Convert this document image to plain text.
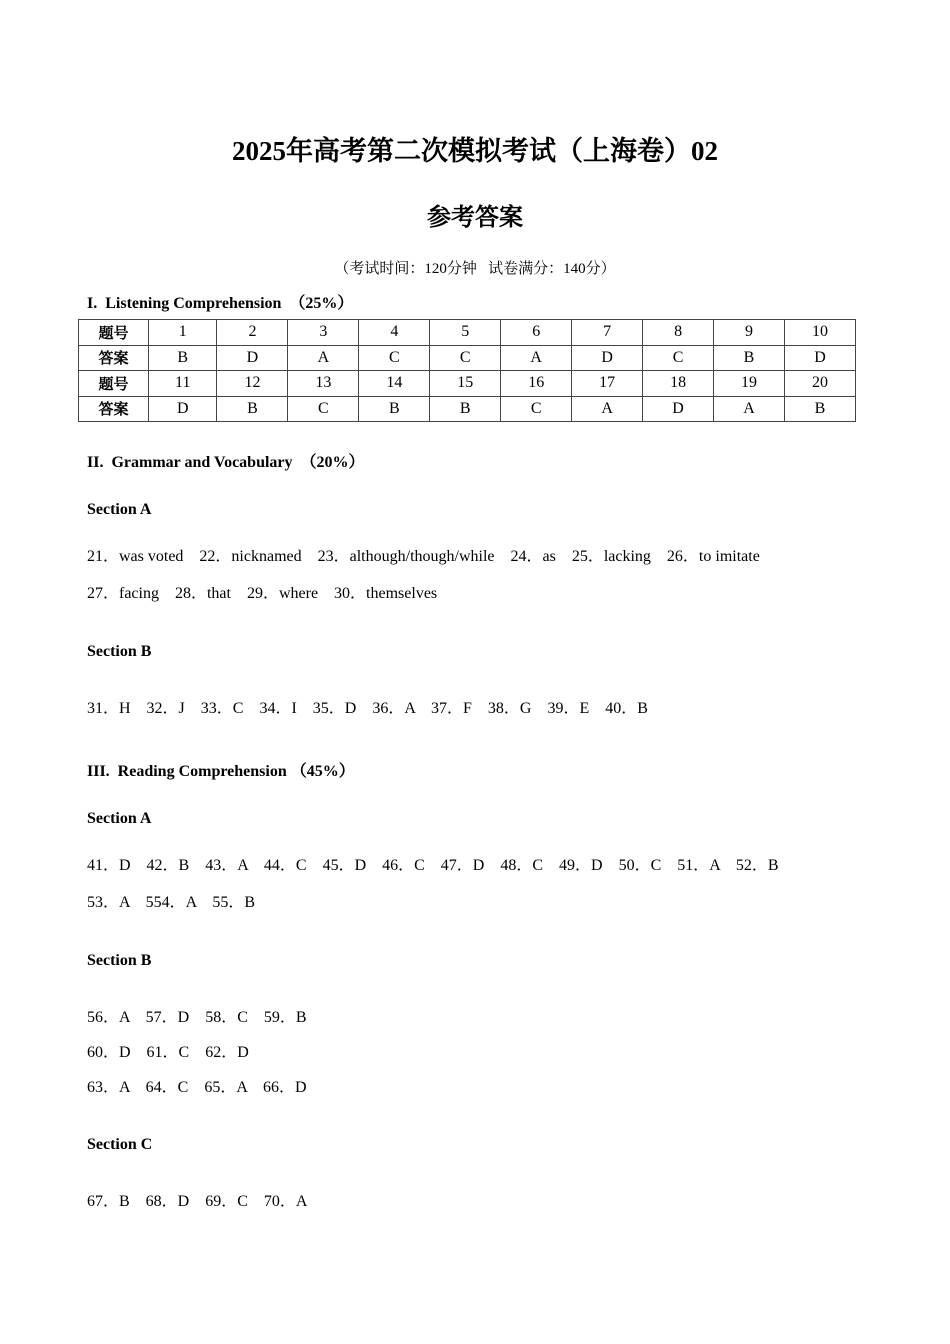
2025年高考第二次模拟考试（上海卷）02
参考答案
（考试时间：120分钟   试卷满分：140分）
I.  Listening Comprehension  （25%）
题号	1	2	3	4	5	6	7	8	9	10
答案	B	D	A	C	C	A	D	C	B	D
题号	11	12	13	14	15	16	17	18	19	20
答案	D	B	C	B	B	C	A	D	A	B
II.  Grammar and Vocabulary  （20%）
Section A
21．was voted    22．nicknamed    23．although/though/while    24．as    25．lacking    26．to imitate
27．facing    28．that    29．where    30．themselves
Section B
31．H    32．J    33．C    34．I    35．D    36．A    37．F    38．G    39．E    40．B
III.  Reading Comprehension （45%）
Section A
41．D    42．B    43．A    44．C    45．D    46．C    47．D    48．C    49．D    50．C    51．A    52．B
53．A    554．A    55．B
Section B
56．A    57．D    58．C    59．B
60．D    61．C    62．D
63．A    64．C    65．A    66．D
Section C
67．B    68．D    69．C    70．A
